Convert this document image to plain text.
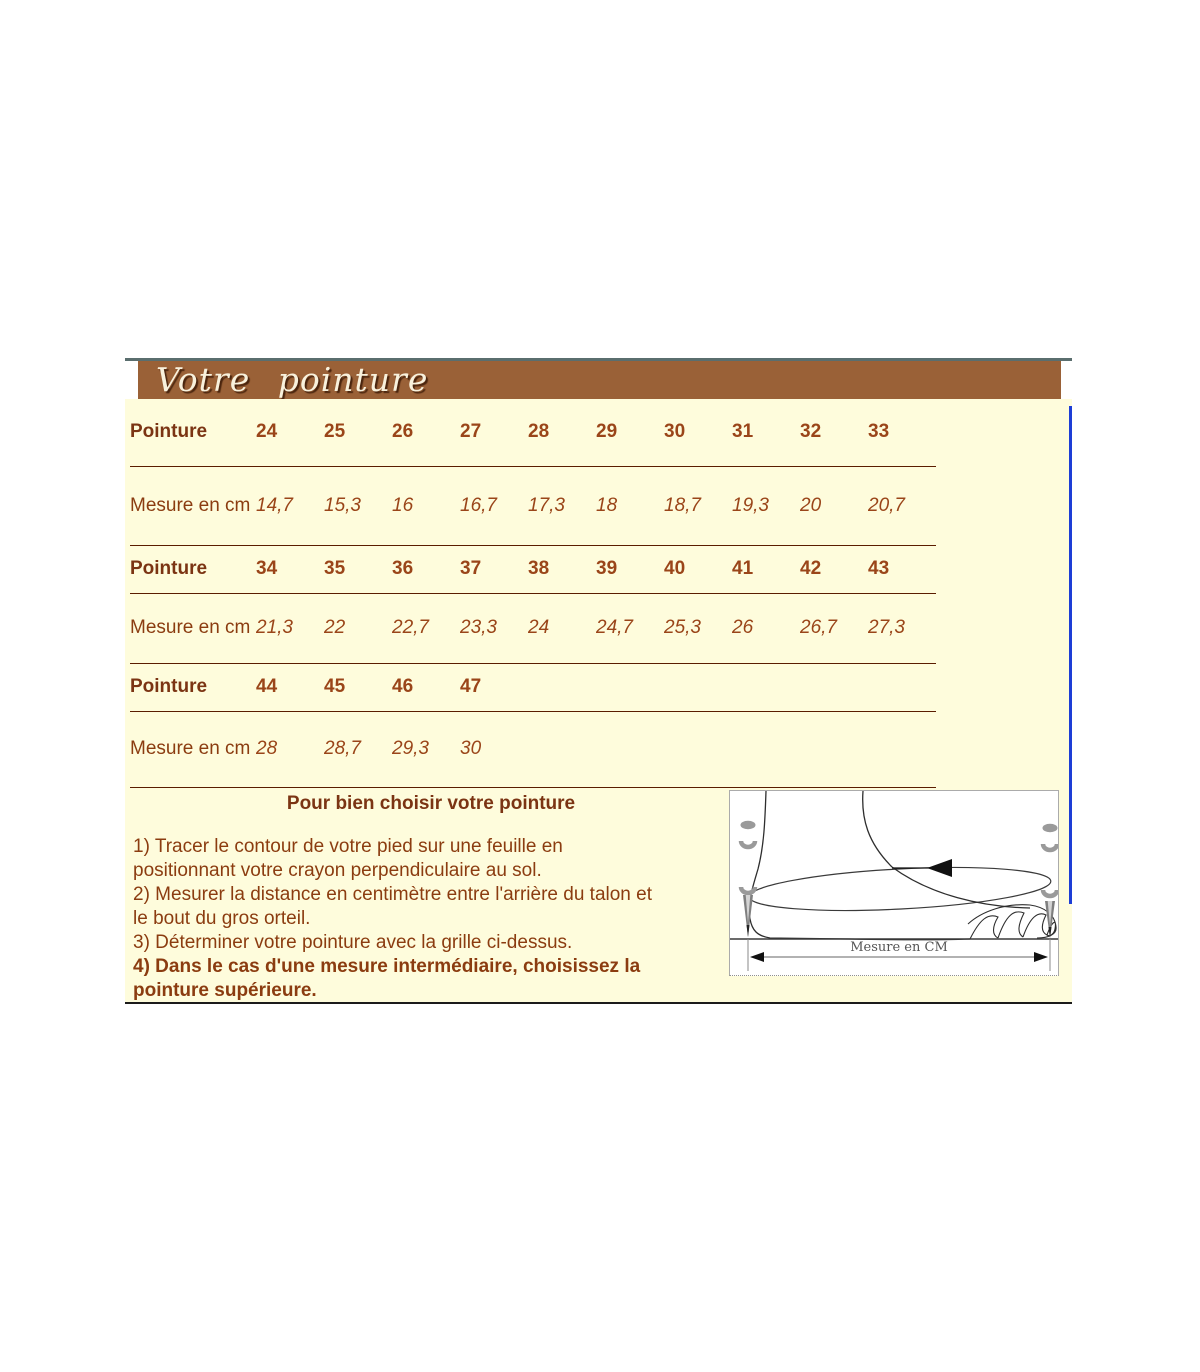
Votre pointure
Pointure	24	25	26	27	28	29	30	31	32	33
Mesure en cm	14,7	15,3	16	16,7	17,3	18	18,7	19,3	20	20,7
Pointure	34	35	36	37	38	39	40	41	42	43
Mesure en cm	21,3	22	22,7	23,3	24	24,7	25,3	26	26,7	27,3
Pointure	44	45	46	47						
Mesure en cm	28	28,7	29,3	30						
Mesure en CM
Pour bien choisir votre pointure
1) Tracer le contour de votre pied sur une feuille en
positionnant votre crayon perpendiculaire au sol.
2) Mesurer la distance en centimètre entre l'arrière du talon et
le bout du gros orteil.
3) Déterminer votre pointure avec la grille ci-dessus.
4) Dans le cas d'une mesure intermédiaire, choisissez la
pointure supérieure.
